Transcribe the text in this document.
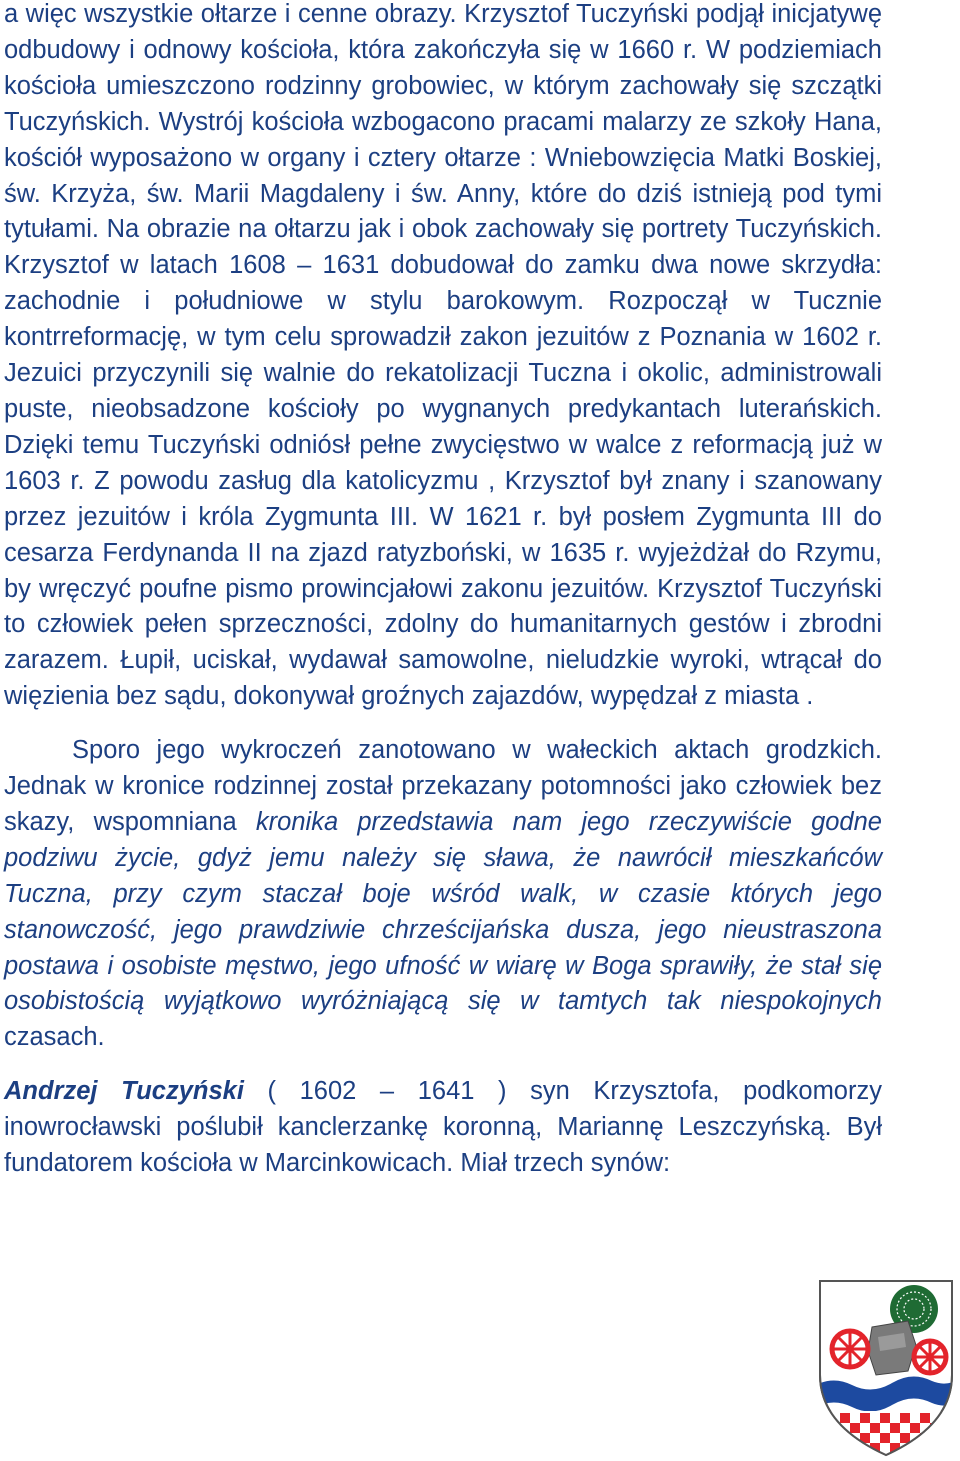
a więc wszystkie ołtarze i cenne obrazy. Krzysztof Tuczyński podjął inicjatywę odbudowy i odnowy kościoła, która zakończyła się w 1660 r. W podziemiach kościoła umieszczono rodzinny grobowiec, w którym zachowały się szczątki Tuczyńskich. Wystrój kościoła wzbogacono pracami malarzy ze szkoły Hana, kościół wyposażono w organy i cztery ołtarze : Wniebowzięcia Matki Boskiej, św. Krzyża, św. Marii Magdaleny i św. Anny, które do dziś istnieją pod tymi tytułami. Na obrazie na ołtarzu jak i obok zachowały się portrety Tuczyńskich. Krzysztof w latach 1608 – 1631 dobudował do zamku dwa nowe skrzydła: zachodnie i południowe w stylu barokowym. Rozpoczął w Tucznie kontrreformację, w tym celu sprowadził zakon jezuitów z Poznania w 1602 r. Jezuici przyczynili się walnie do rekatolizacji Tuczna i okolic, administrowali puste, nieobsadzone kościoły po wygnanych predykantach luterańskich. Dzięki temu Tuczyński odniósł pełne zwycięstwo w walce z reformacją już w 1603 r. Z powodu zasług dla katolicyzmu , Krzysztof był znany i szanowany przez jezuitów i króla Zygmunta III. W 1621 r. był posłem Zygmunta III do cesarza Ferdynanda II na zjazd ratyzboński, w 1635 r. wyjeżdżał do Rzymu, by wręczyć poufne pismo prowincjałowi zakonu jezuitów. Krzysztof Tuczyński to człowiek pełen sprzeczności, zdolny do humanitarnych gestów i zbrodni zarazem. Łupił, uciskał, wydawał samowolne, nieludzkie wyroki, wtrącał do więzienia bez sądu, dokonywał groźnych zajazdów, wypędzał z miasta .

Sporo jego wykroczeń zanotowano w wałeckich aktach grodzkich. Jednak w kronice rodzinnej został przekazany potomności jako człowiek bez skazy, wspomniana kronika przedstawia nam jego rzeczywiście godne podziwu życie, gdyż jemu należy się sława, że nawrócił mieszkańców Tuczna, przy czym staczał boje wśród walk, w czasie których jego stanowczość, jego prawdziwie chrześcijańska dusza, jego nieustraszona postawa i osobiste męstwo, jego ufność w wiarę w Boga sprawiły, że stał się osobistością wyjątkowo wyróżniającą się w tamtych tak niespokojnych czasach.

Andrzej Tuczyński ( 1602 – 1641 ) syn Krzysztofa, podkomorzy inowrocławski poślubił kanclerzankę koronną, Mariannę Leszczyńską. Był fundatorem kościoła w Marcinkowicach. Miał trzech synów:
